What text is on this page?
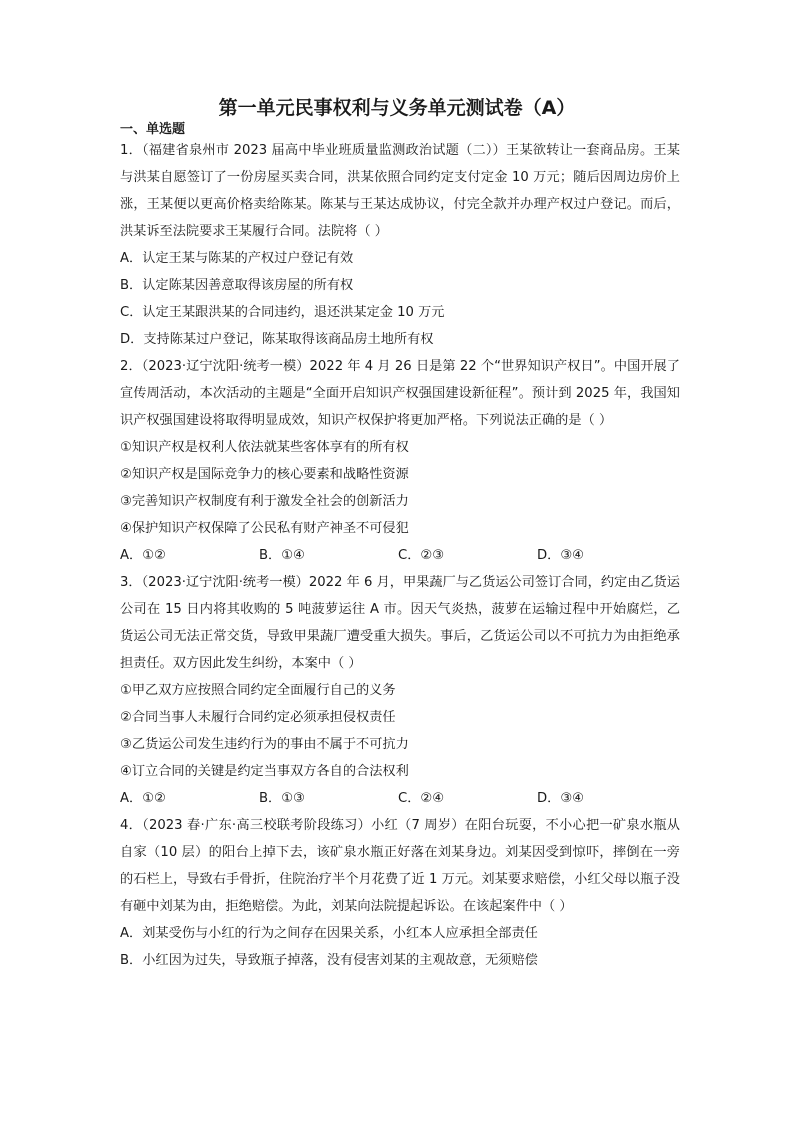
第一单元民事权利与义务单元测试卷（A）
一、单选题

1．（福建省泉州市 2023 届高中毕业班质量监测政治试题（二））王某欲转让一套商品房。王某与洪某自愿签订了一份房屋买卖合同，洪某依照合同约定支付定金 10 万元；随后因周边房价上涨，王某便以更高价格卖给陈某。陈某与王某达成协议，付完全款并办理产权过户登记。而后，洪某诉至法院要求王某履行合同。法院将（ ）

A．认定王某与陈某的产权过户登记有效

B．认定陈某因善意取得该房屋的所有权

C．认定王某跟洪某的合同违约，退还洪某定金 10 万元

D．支持陈某过户登记，陈某取得该商品房土地所有权

2．（2023·辽宁沈阳·统考一模）2022 年 4 月 26 日是第 22 个“世界知识产权日”。中国开展了宣传周活动，本次活动的主题是“全面开启知识产权强国建设新征程”。预计到 2025 年，我国知识产权强国建设将取得明显成效，知识产权保护将更加严格。下列说法正确的是（ ）

①知识产权是权利人依法就某些客体享有的所有权

②知识产权是国际竞争力的核心要素和战略性资源

③完善知识产权制度有利于激发全社会的创新活力

④保护知识产权保障了公民私有财产神圣不可侵犯

A．①②	B．①④	C．②③	D．③④

3．（2023·辽宁沈阳·统考一模）2022 年 6 月，甲果蔬厂与乙货运公司签订合同，约定由乙货运公司在 15 日内将其收购的 5 吨菠萝运往 A 市。因天气炎热，菠萝在运输过程中开始腐烂，乙货运公司无法正常交货，导致甲果蔬厂遭受重大损失。事后，乙货运公司以不可抗力为由拒绝承担责任。双方因此发生纠纷，本案中（ ）

①甲乙双方应按照合同约定全面履行自己的义务

②合同当事人未履行合同约定必须承担侵权责任

③乙货运公司发生违约行为的事由不属于不可抗力

④订立合同的关键是约定当事双方各自的合法权利

A．①②	B．①③	C．②④	D．③④

4．（2023 春·广东·高三校联考阶段练习）小红（7 周岁）在阳台玩耍，不小心把一矿泉水瓶从自家（10 层）的阳台上掉下去，该矿泉水瓶正好落在刘某身边。刘某因受到惊吓，摔倒在一旁的石栏上，导致右手骨折，住院治疗半个月花费了近 1 万元。刘某要求赔偿，小红父母以瓶子没有砸中刘某为由，拒绝赔偿。为此，刘某向法院提起诉讼。在该起案件中（ ）

A．刘某受伤与小红的行为之间存在因果关系，小红本人应承担全部责任

B．小红因为过失，导致瓶子掉落，没有侵害刘某的主观故意，无须赔偿
